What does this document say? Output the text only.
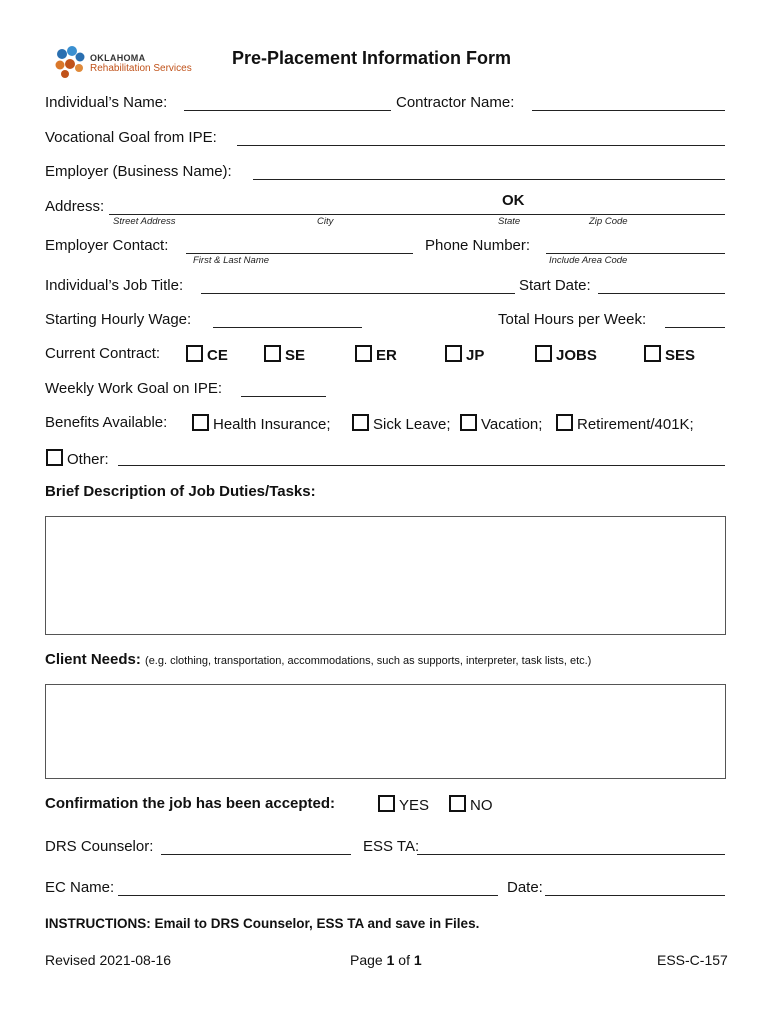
OKLAHOMA
Rehabilitation Services
Pre-Placement Information Form
Individual’s Name:	Contractor Name:
Vocational Goal from IPE:
Employer (Business Name):
Address:	OK
Street Address	City	State	Zip Code
Employer Contact:
First & Last Name
Phone Number:
Include Area Code
Individual’s Job Title:	Start Date:
Starting Hourly Wage:	Total Hours per Week:
Current Contract:	CE	SE	ER	JP	JOBS	SES
Weekly Work Goal on IPE:
Benefits Available:	Health Insurance;	Sick Leave;	Vacation;	Retirement/401K;
Other:
Brief Description of Job Duties/Tasks:
Client Needs: (e.g. clothing, transportation, accommodations, such as supports, interpreter, task lists, etc.)
Confirmation the job has been accepted:	YES	NO
DRS Counselor:	ESS TA:
EC Name:	Date:
INSTRUCTIONS: Email to DRS Counselor, ESS TA and save in Files.
Revised 2021-08-16	Page 1 of 1	ESS-C-157
